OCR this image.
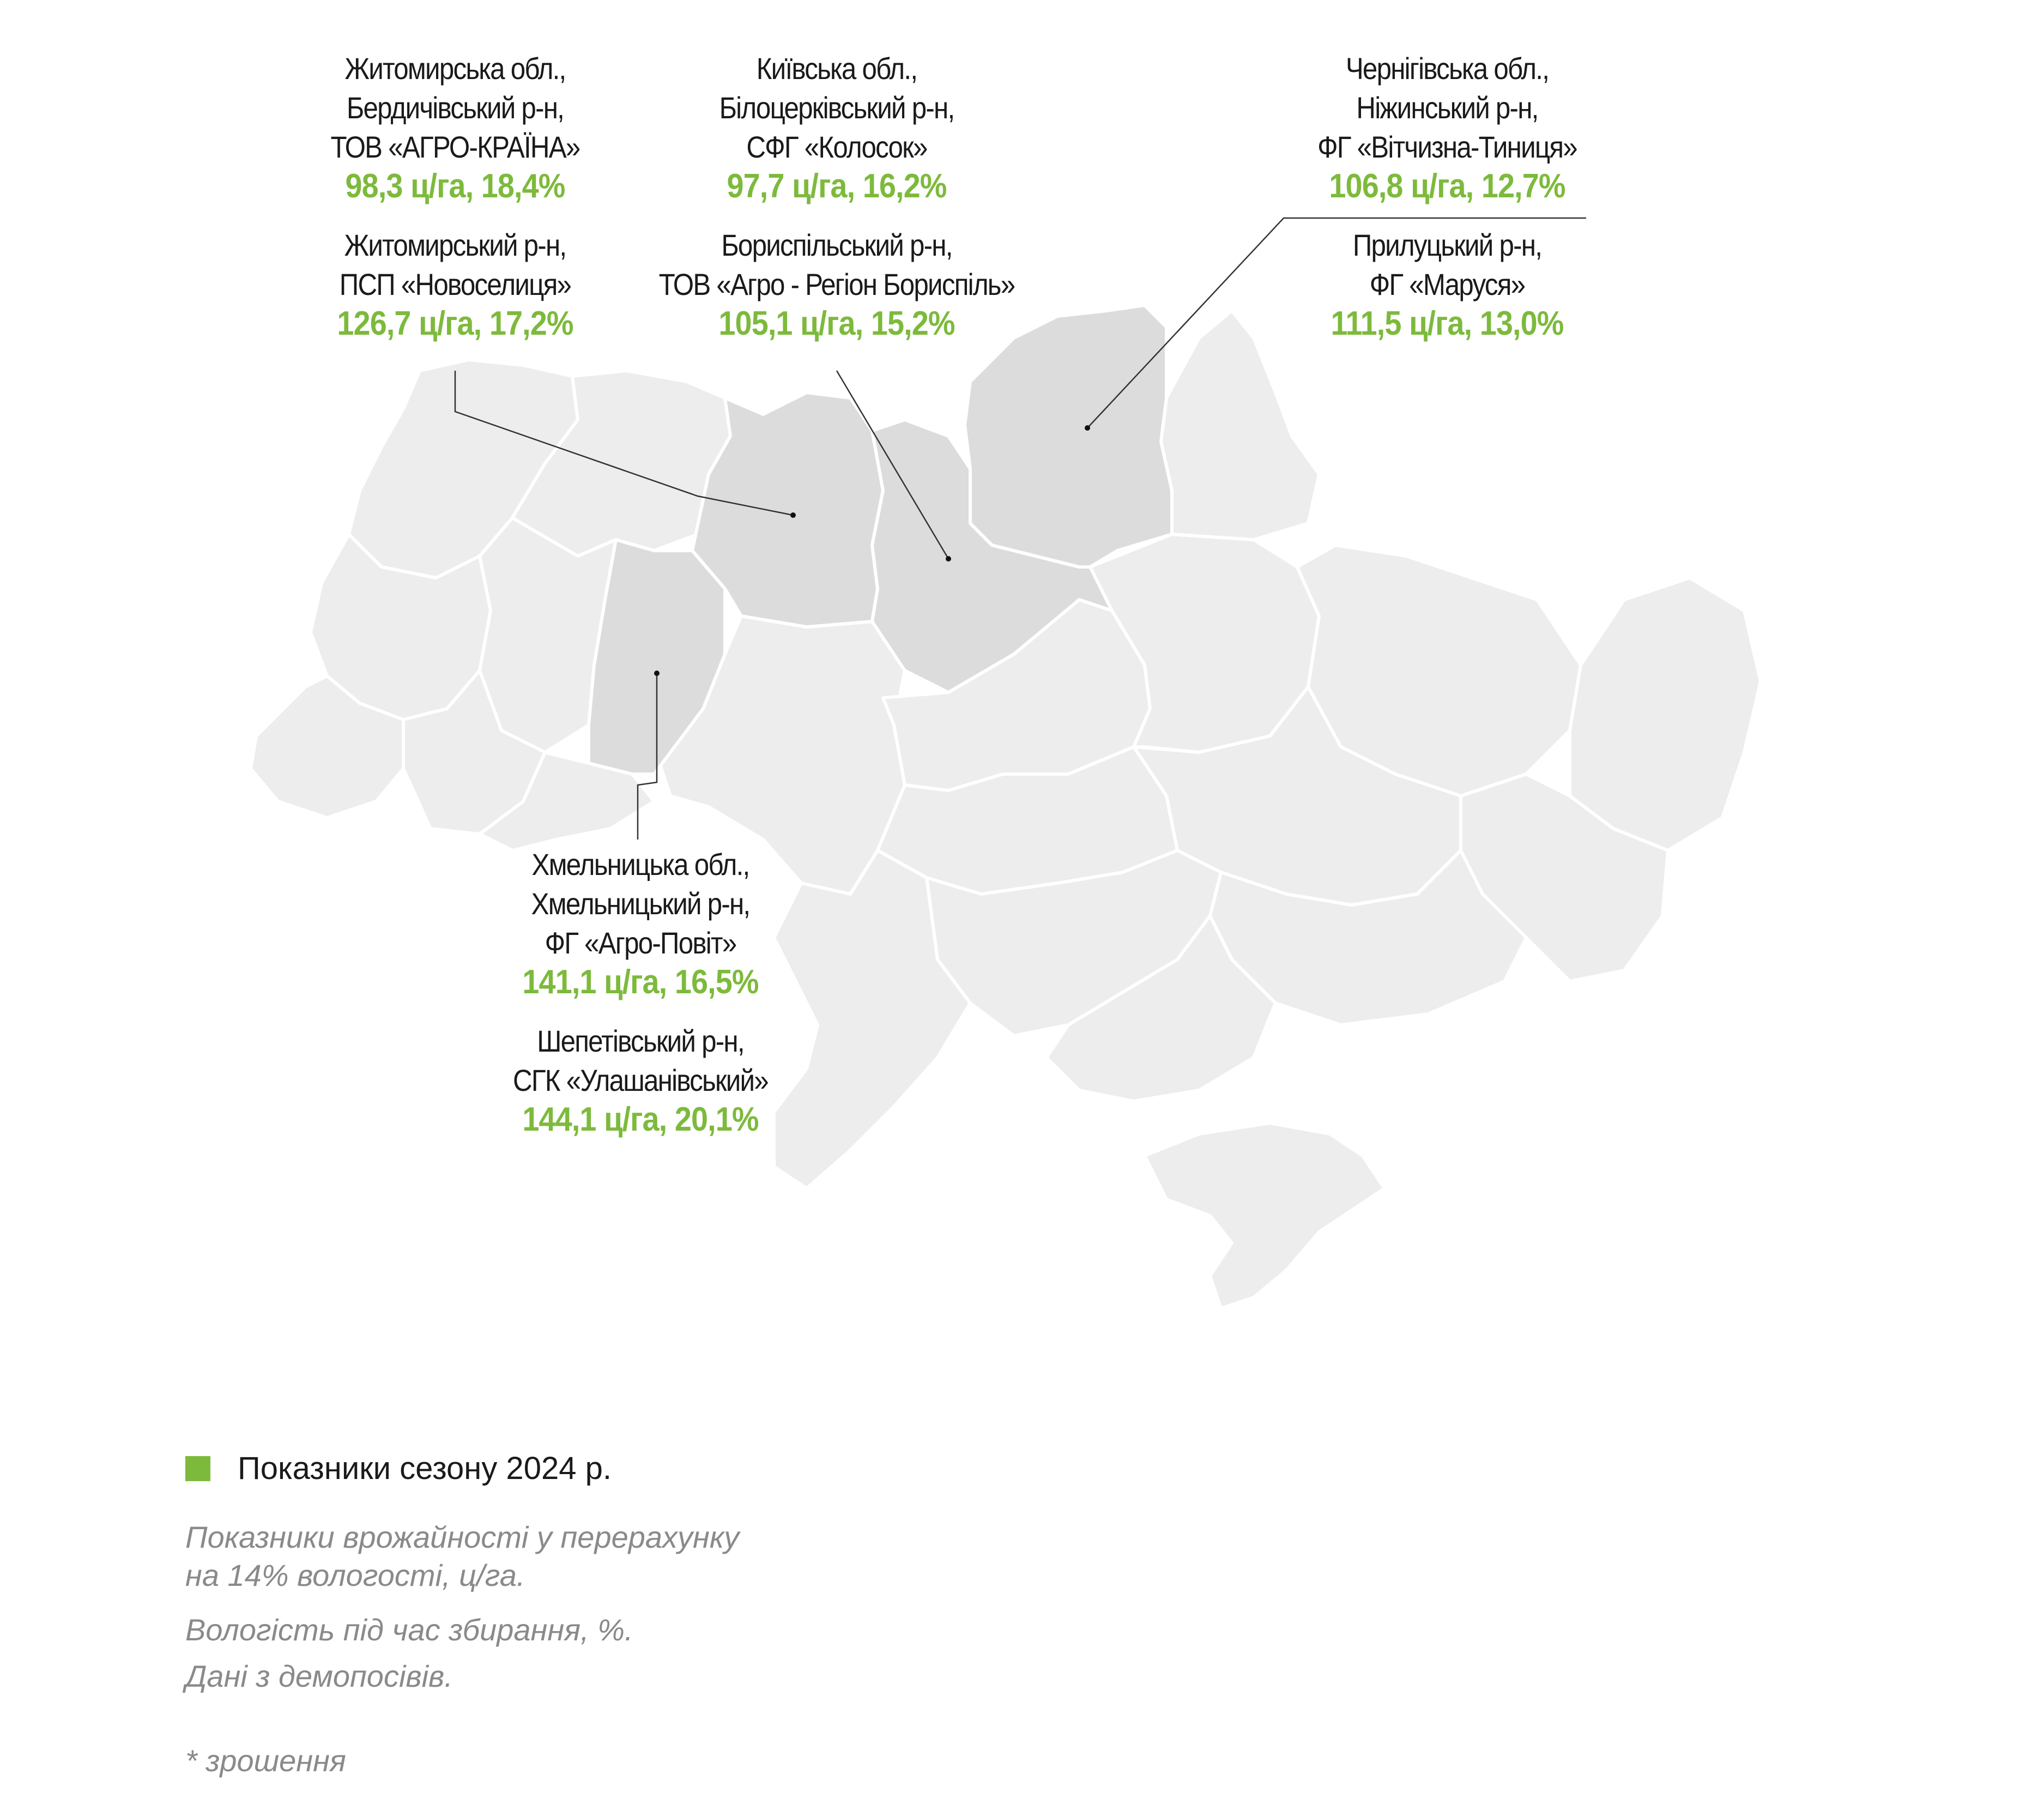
Житомирська обл.,
Бердичівський р-н,
ТОВ «АГРО-КРАЇНА»
98,3 ц/га, 18,4%
Житомирський р-н,
ПСП «Новоселиця»
126,7 ц/га, 17,2%
Київська обл.,
Білоцерківський р-н,
СФГ «Колосок»
97,7 ц/га, 16,2%
Бориспільський р-н,
ТОВ «Агро - Регіон Бориспіль»
105,1 ц/га, 15,2%
Чернігівська обл.,
Ніжинський р-н,
ФГ «Вітчизна-Тиниця»
106,8 ц/га, 12,7%
Прилуцький р-н,
ФГ «Маруся»
111,5 ц/га, 13,0%
Хмельницька обл.,
Хмельницький р-н,
ФГ «Агро-Повіт»
141,1 ц/га, 16,5%
Шепетівський р-н,
СГК «Улашанівський»
144,1 ц/га, 20,1%
Показники сезону 2024 р.
Показники врожайності у перерахунку
на 14% вологості, ц/га.
Вологість під час збирання, %.
Дані з демопосівів.
* зрошення
